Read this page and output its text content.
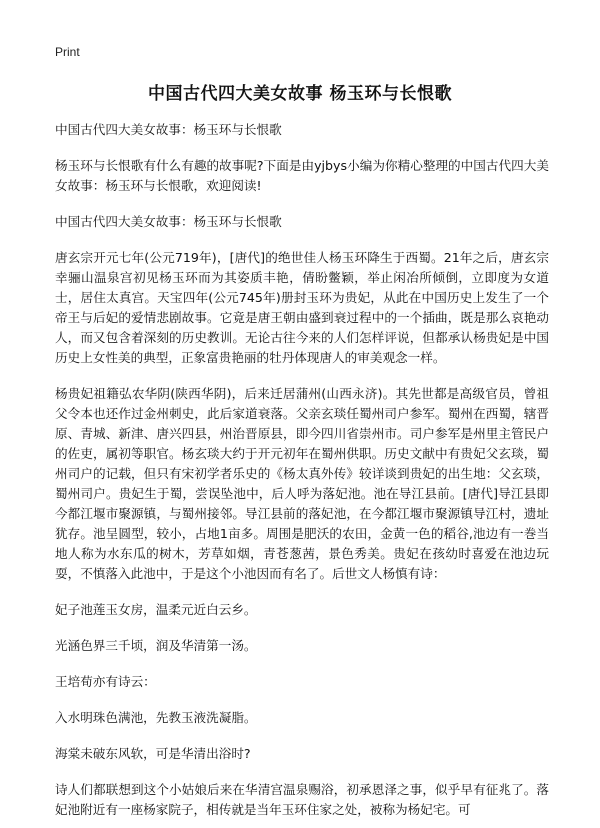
Print
中国古代四大美女故事 杨玉环与长恨歌

中国古代四大美女故事：杨玉环与长恨歌

杨玉环与长恨歌有什么有趣的故事呢?下面是由yjbys小编为你精心整理的中国古代四大美女故事：杨玉环与长恨歌，欢迎阅读!

中国古代四大美女故事：杨玉环与长恨歌

唐玄宗开元七年(公元719年)，[唐代]的绝世佳人杨玉环降生于西蜀。21年之后，唐玄宗幸骊山温泉宫初见杨玉环而为其姿质丰艳，倩盼鳖颖，举止闲冶所倾倒，立即度为女道士，居住太真宫。天宝四年(公元745年)册封玉环为贵妃，从此在中国历史上发生了一个帝王与后妃的爱情悲剧故事。它竟是唐王朝由盛到衰过程中的一个插曲，既是那么哀艳动人，而又包含着深刻的历史教训。无论古往今来的人们怎样评说，但都承认杨贵妃是中国历史上女性美的典型，正象富贵艳丽的牡丹体现唐人的审美观念一样。

杨贵妃祖籍弘农华阴(陕西华阴)，后来迁居蒲州(山西永济)。其先世都是高级官员，曾祖父令本也还作过金州刺史，此后家道衰落。父亲玄琰任蜀州司户参军。蜀州在西蜀，辖晋原、青城、新津、唐兴四县，州治晋原县，即今四川省崇州市。司户参军是州里主管民户的佐吏，属初等职官。杨玄琰大约于开元初年在蜀州供职。历史文献中有贵妃父玄琰，蜀州司户的记载，但只有宋初学者乐史的《杨太真外传》较详谈到贵妃的出生地：父玄琰，蜀州司户。贵妃生于蜀，尝误坠池中，后人呼为落妃池。池在导江县前。[唐代]导江县即今都江堰市聚源镇，与蜀州接邻。导江县前的落妃池，在今都江堰市聚源镇导江村，遗址犹存。池呈圆型，较小，占地1亩多。周围是肥沃的农田，金黄一色的稻谷,池边有一巻当地人称为水东瓜的树木，芳草如烟，青苍葱茜，景色秀美。贵妃在孩幼时喜爱在池边玩耍，不慎落入此池中，于是这个小池因而有名了。后世文人杨慎有诗：

妃子池莲玉女房，温柔元近白云乡。

光涵色界三千顷，润及华清第一汤。

王培荀亦有诗云：

入水明珠色满池，先教玉液洗凝脂。

海棠未破东风软，可是华清出浴时?

诗人们都联想到这个小姑娘后来在华清宫温泉赐浴，初承恩泽之事，似乎早有征兆了。落妃池附近有一座杨家院子，相传就是当年玉环住家之处，被称为杨妃宅。可
